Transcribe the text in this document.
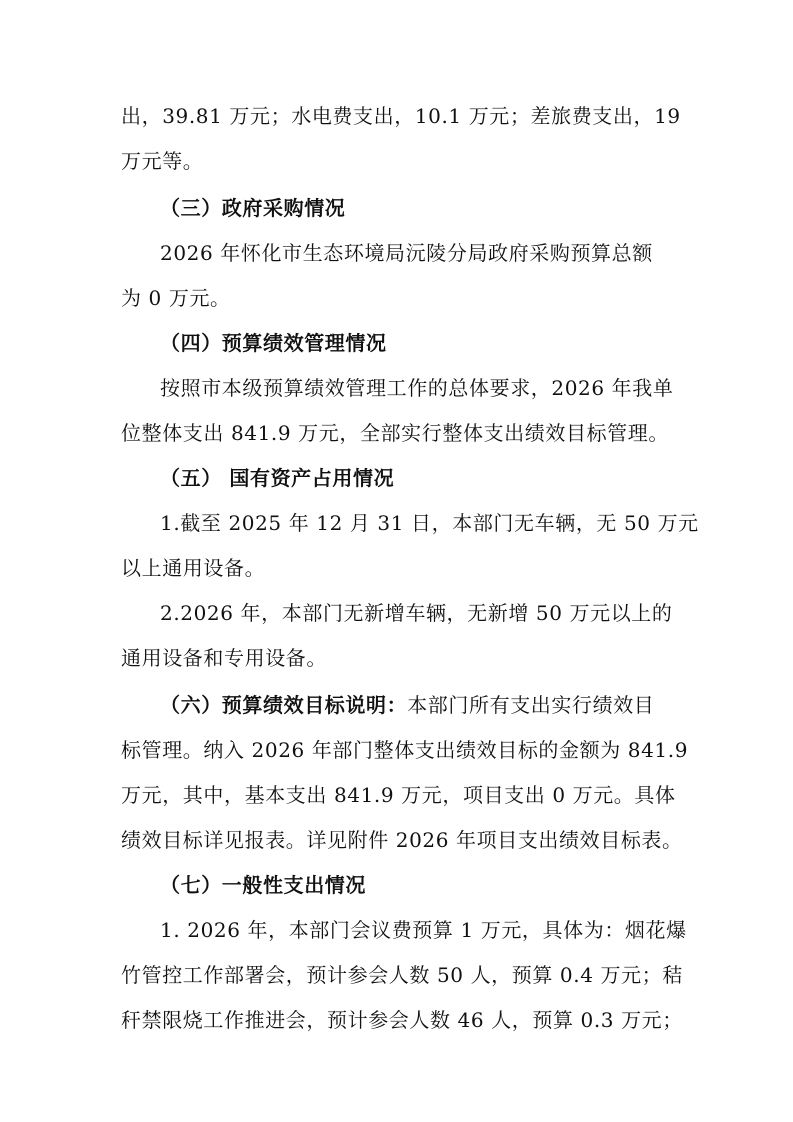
出，39.81 万元；水电费支出，10.1 万元；差旅费支出，19
万元等。
（三）政府采购情况
2026 年怀化市生态环境局沅陵分局政府采购预算总额
为 0 万元。
（四）预算绩效管理情况
按照市本级预算绩效管理工作的总体要求，2026 年我单
位整体支出 841.9 万元，全部实行整体支出绩效目标管理。
（五） 国有资产占用情况
1.截至 2025 年 12 月 31 日，本部门无车辆，无 50 万元
以上通用设备。
2.2026 年，本部门无新增车辆，无新增 50 万元以上的
通用设备和专用设备。
（六）预算绩效目标说明：本部门所有支出实行绩效目
标管理。纳入 2026 年部门整体支出绩效目标的金额为 841.9
万元，其中，基本支出 841.9 万元，项目支出 0 万元。具体
绩效目标详见报表。详见附件 2026 年项目支出绩效目标表。
（七）一般性支出情况
1. 2026 年，本部门会议费预算 1 万元，具体为：烟花爆
竹管控工作部署会，预计参会人数 50 人，预算 0.4 万元；秸
秆禁限烧工作推进会，预计参会人数 46 人，预算 0.3 万元；
